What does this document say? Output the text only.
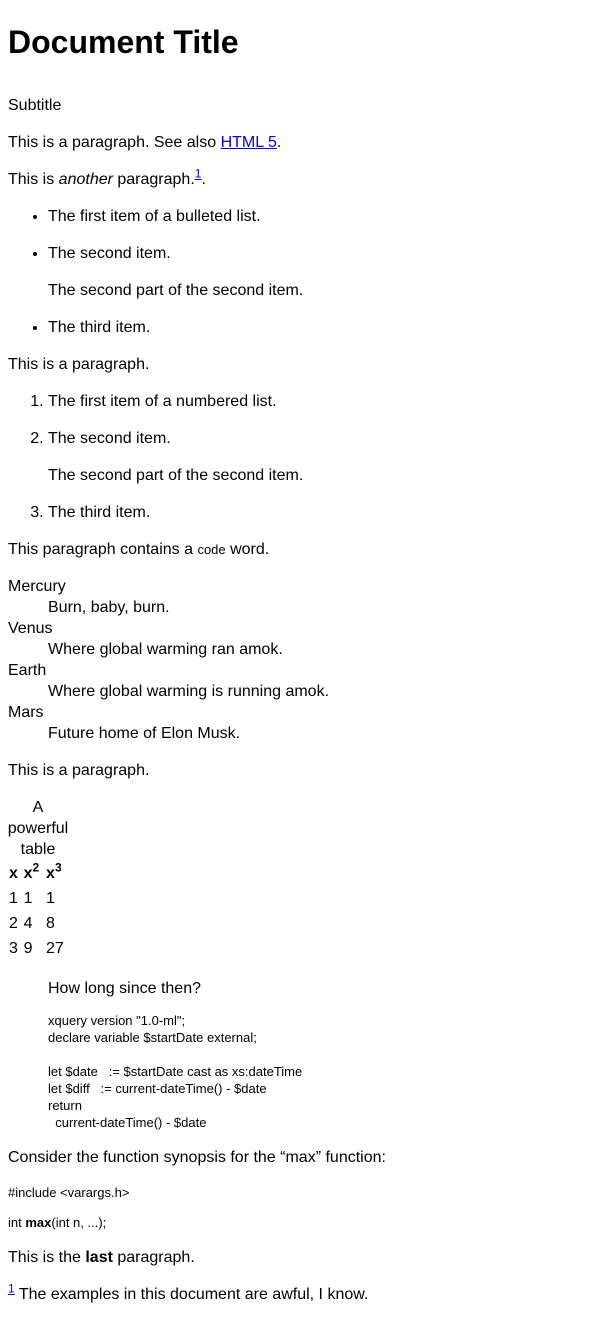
Document Title

Subtitle

This is a paragraph. See also HTML 5.

This is another paragraph.$^1$.

• The first item of a bulleted list.

• The second item.

The second part of the second item.

• The third item.

This is a paragraph.

1. The first item of a numbered list.

2. The second item.

The second part of the second item.

3. The third item.

This paragraph contains a code word.

Mercury
Burn, baby, burn.
Venus
Where global warming ran amok.
Earth
Where global warming is running amok.
Mars
Future home of Elon Musk.

This is a paragraph.

A powerful table
x	$x^2$	$x^3$
1	1	1
2	4	8
3	9	27

How long since then?

xquery version "1.0-ml";
declare variable $startDate external;

let $date   := $startDate cast as xs:dateTime
let $diff   := current-dateTime() - $date
return
current-dateTime() - $date

Consider the function synopsis for the “max” function:

#include <varargs.h>
int max(int n, ...);

This is the last paragraph.

$^1$ The examples in this document are awful, I know.
